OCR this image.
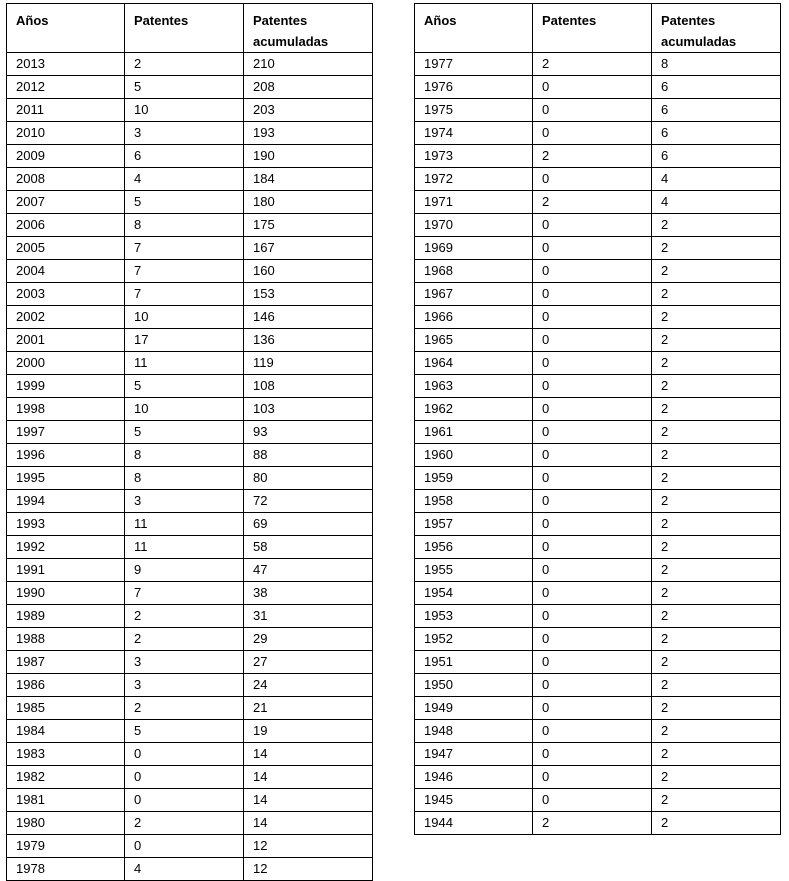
Años	Patentes	Patentes acumuladas
2013	2	210
2012	5	208
2011	10	203
2010	3	193
2009	6	190
2008	4	184
2007	5	180
2006	8	175
2005	7	167
2004	7	160
2003	7	153
2002	10	146
2001	17	136
2000	11	119
1999	5	108
1998	10	103
1997	5	93
1996	8	88
1995	8	80
1994	3	72
1993	11	69
1992	11	58
1991	9	47
1990	7	38
1989	2	31
1988	2	29
1987	3	27
1986	3	24
1985	2	21
1984	5	19
1983	0	14
1982	0	14
1981	0	14
1980	2	14
1979	0	12
1978	4	12
Años	Patentes	Patentes acumuladas
1977	2	8
1976	0	6
1975	0	6
1974	0	6
1973	2	6
1972	0	4
1971	2	4
1970	0	2
1969	0	2
1968	0	2
1967	0	2
1966	0	2
1965	0	2
1964	0	2
1963	0	2
1962	0	2
1961	0	2
1960	0	2
1959	0	2
1958	0	2
1957	0	2
1956	0	2
1955	0	2
1954	0	2
1953	0	2
1952	0	2
1951	0	2
1950	0	2
1949	0	2
1948	0	2
1947	0	2
1946	0	2
1945	0	2
1944	2	2
